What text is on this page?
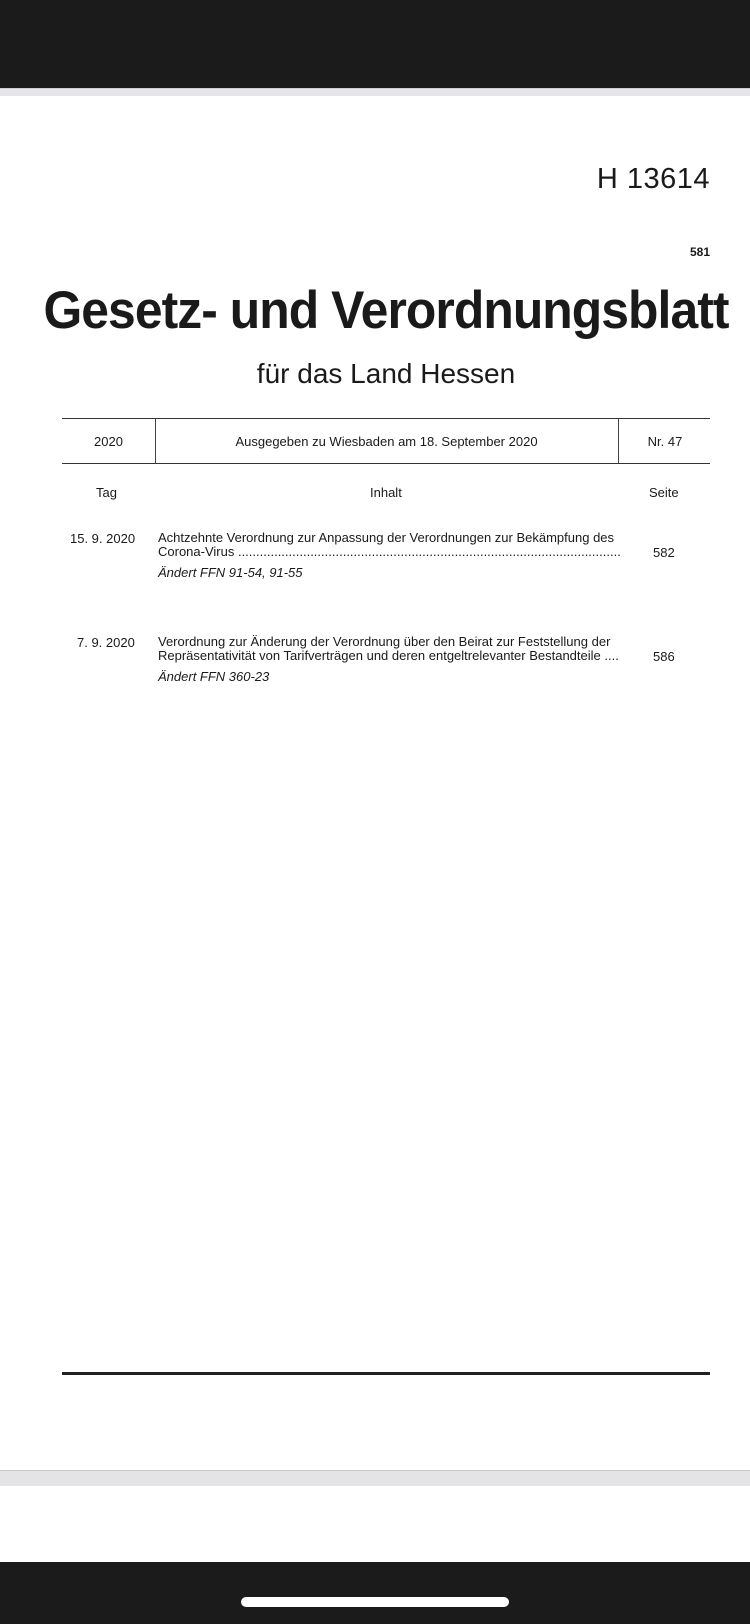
H 13614
581
Gesetz- und Verordnungsblatt
für das Land Hessen
2020	Ausgegeben zu Wiesbaden am 18. September 2020	Nr. 47
Tag	Inhalt	Seite
15. 9. 2020 Achtzehnte Verordnung zur Anpassung der Verordnungen zur Bekämpfung des
Corona-Virus ..........................................................................................................
Ändert FFN 91-54, 91-55
582
7. 9. 2020 Verordnung zur Änderung der Verordnung über den Beirat zur Feststellung der
Repräsentativität von Tarifverträgen und deren entgeltrelevanter Bestandteile ....
Ändert FFN 360-23
586
